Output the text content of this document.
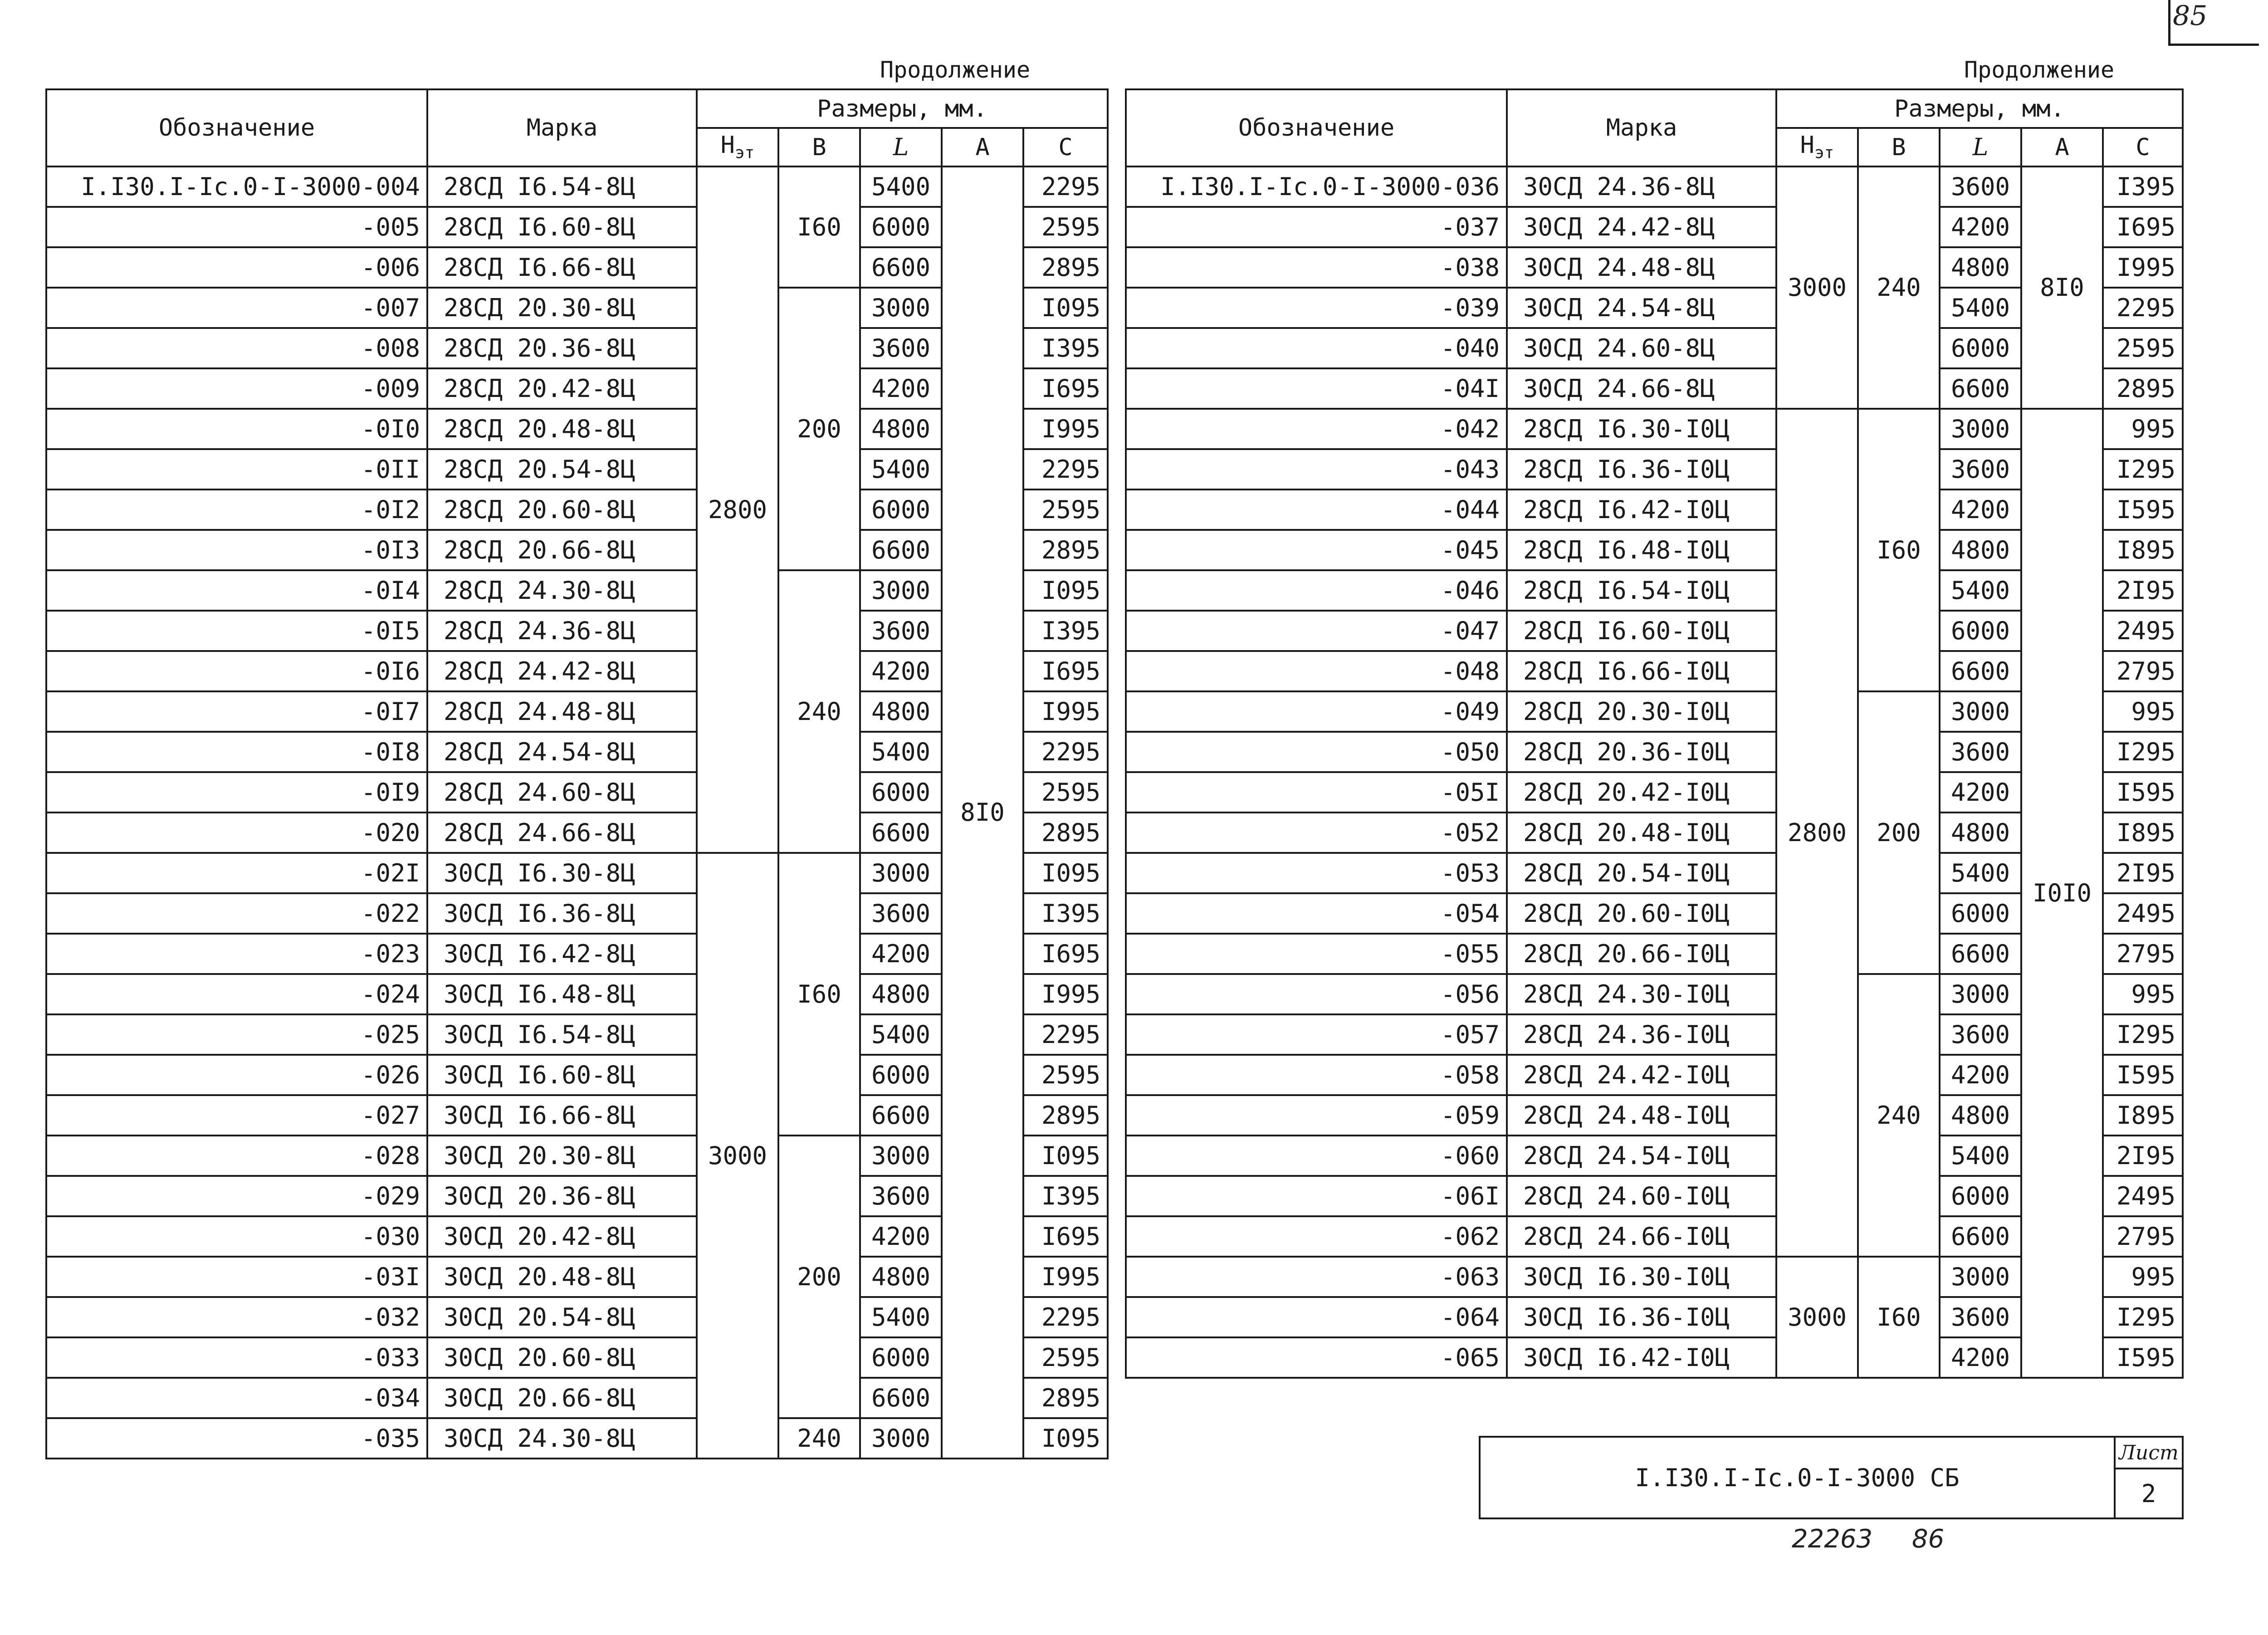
85
Продолжение	Продолжение
Обозначение	Марка	Размеры, мм.				
		$Н_{эт}$	В	L	А	С
I.I30.I-Ic.0-I-3000-004	28СД I6.54-8Ц	2800	I60	5400	8I0	2295
-005	28СД I6.60-8Ц			6000		2595
-006	28СД I6.66-8Ц			6600		2895
-007	28СД 20.30-8Ц		200	3000		I095
-008	28СД 20.36-8Ц			3600		I395
-009	28СД 20.42-8Ц			4200		I695
-0I0	28СД 20.48-8Ц			4800		I995
-0II	28СД 20.54-8Ц			5400		2295
-0I2	28СД 20.60-8Ц			6000		2595
-0I3	28СД 20.66-8Ц			6600		2895
-0I4	28СД 24.30-8Ц		240	3000		I095
-0I5	28СД 24.36-8Ц			3600		I395
-0I6	28СД 24.42-8Ц			4200		I695
-0I7	28СД 24.48-8Ц			4800		I995
-0I8	28СД 24.54-8Ц			5400		2295
-0I9	28СД 24.60-8Ц			6000		2595
-020	28СД 24.66-8Ц			6600		2895
-02I	30СД I6.30-8Ц	3000	I60	3000		I095
-022	30СД I6.36-8Ц			3600		I395
-023	30СД I6.42-8Ц			4200		I695
-024	30СД I6.48-8Ц			4800		I995
-025	30СД I6.54-8Ц			5400		2295
-026	30СД I6.60-8Ц			6000		2595
-027	30СД I6.66-8Ц			6600		2895
-028	30СД 20.30-8Ц		200	3000		I095
-029	30СД 20.36-8Ц			3600		I395
-030	30СД 20.42-8Ц			4200		I695
-03I	30СД 20.48-8Ц			4800		I995
-032	30СД 20.54-8Ц			5400		2295
-033	30СД 20.60-8Ц			6000		2595
-034	30СД 20.66-8Ц			6600		2895
-035	30СД 24.30-8Ц		240	3000		I095
Обозначение	Марка	Размеры, мм.				
		$Н_{эт}$	В	L	А	С
I.I30.I-Ic.0-I-3000-036	30СД 24.36-8Ц	3000	240	3600	8I0	I395
-037	30СД 24.42-8Ц			4200		I695
-038	30СД 24.48-8Ц			4800		I995
-039	30СД 24.54-8Ц			5400		2295
-040	30СД 24.60-8Ц			6000		2595
-04I	30СД 24.66-8Ц			6600		2895
-042	28СД I6.30-I0Ц	2800	I60	3000	I0I0	995
-043	28СД I6.36-I0Ц			3600		I295
-044	28СД I6.42-I0Ц			4200		I595
-045	28СД I6.48-I0Ц			4800		I895
-046	28СД I6.54-I0Ц			5400		2I95
-047	28СД I6.60-I0Ц			6000		2495
-048	28СД I6.66-I0Ц			6600		2795
-049	28СД 20.30-I0Ц		200	3000		995
-050	28СД 20.36-I0Ц			3600		I295
-05I	28СД 20.42-I0Ц			4200		I595
-052	28СД 20.48-I0Ц			4800		I895
-053	28СД 20.54-I0Ц			5400		2I95
-054	28СД 20.60-I0Ц			6000		2495
-055	28СД 20.66-I0Ц			6600		2795
-056	28СД 24.30-I0Ц		240	3000		995
-057	28СД 24.36-I0Ц			3600		I295
-058	28СД 24.42-I0Ц			4200		I595
-059	28СД 24.48-I0Ц			4800		I895
-060	28СД 24.54-I0Ц			5400		2I95
-06I	28СД 24.60-I0Ц			6000		2495
-062	28СД 24.66-I0Ц			6600		2795
-063	30СД I6.30-I0Ц	3000	I60	3000		995
-064	30СД I6.36-I0Ц			3600		I295
-065	30СД I6.42-I0Ц			4200		I595
I.I30.I-Ic.0-I-3000 СБ	Лист
2
22263 86
